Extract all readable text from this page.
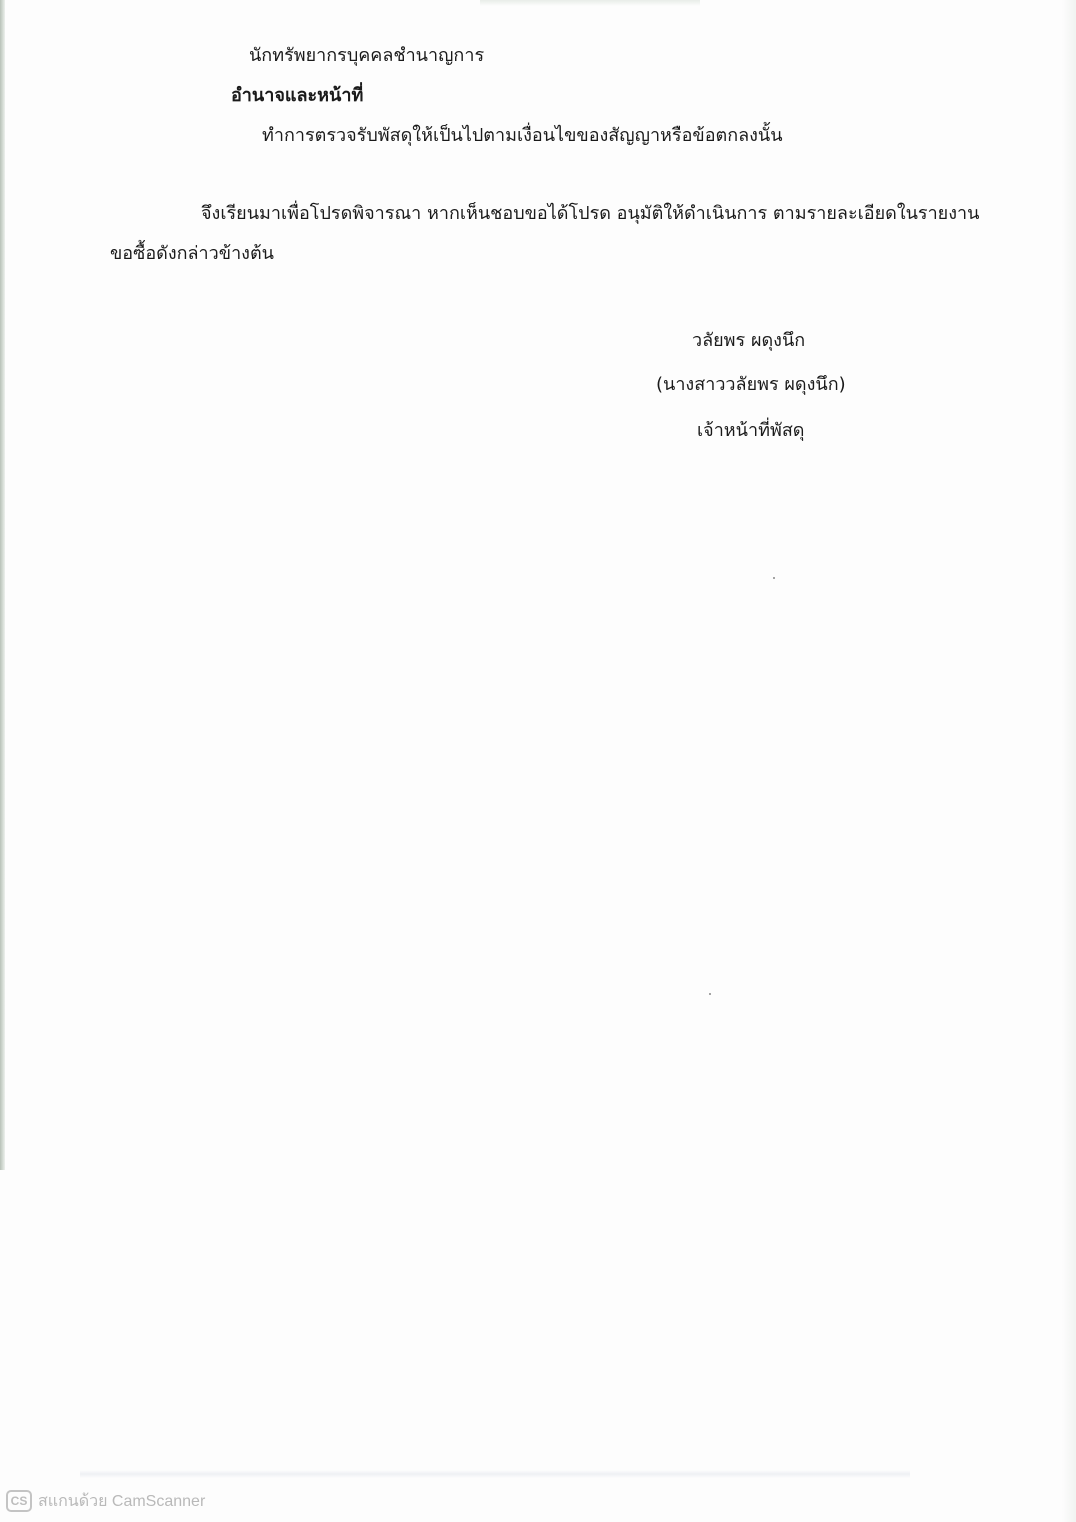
นักทรัพยากรบุคคลชำนาญการ
อำนาจและหน้าที่
ทำการตรวจรับพัสดุให้เป็นไปตามเงื่อนไขของสัญญาหรือข้อตกลงนั้น
จึงเรียนมาเพื่อโปรดพิจารณา หากเห็นชอบขอได้โปรด อนุมัติให้ดำเนินการ ตามรายละเอียดในรายงาน
ขอซื้อดังกล่าวข้างต้น
วลัยพร ผดุงนึก
(นางสาววลัยพร ผดุงนึก)
เจ้าหน้าที่พัสดุ
CS สแกนด้วย CamScanner
